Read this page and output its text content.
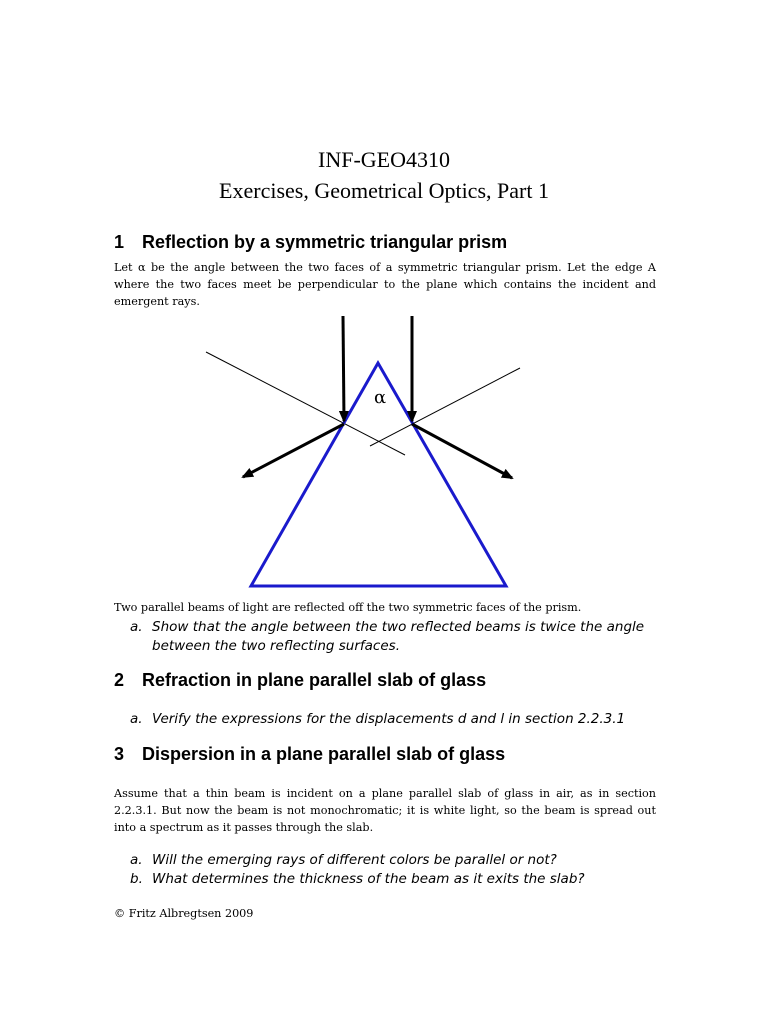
INF-GEO4310
Exercises, Geometrical Optics, Part 1
1 Reflection by a symmetric triangular prism

Let α be the angle between the two faces of a symmetric triangular prism. Let the edge A where the two faces meet be perpendicular to the plane which contains the incident and emergent rays.

α

Two parallel beams of light are reflected off the two symmetric faces of the prism.

a. Show that the angle between the two reflected beams is twice the angle between the two reflecting surfaces.
2 Refraction in plane parallel slab of glass
a. Verify the expressions for the displacements d and l in section 2.2.3.1
3 Dispersion in a plane parallel slab of glass

Assume that a thin beam is incident on a plane parallel slab of glass in air, as in section 2.2.3.1. But now the beam is not monochromatic; it is white light, so the beam is spread out into a spectrum as it passes through the slab.

a. Will the emerging rays of different colors be parallel or not?
b. What determines the thickness of the beam as it exits the slab?
© Fritz Albregtsen 2009
